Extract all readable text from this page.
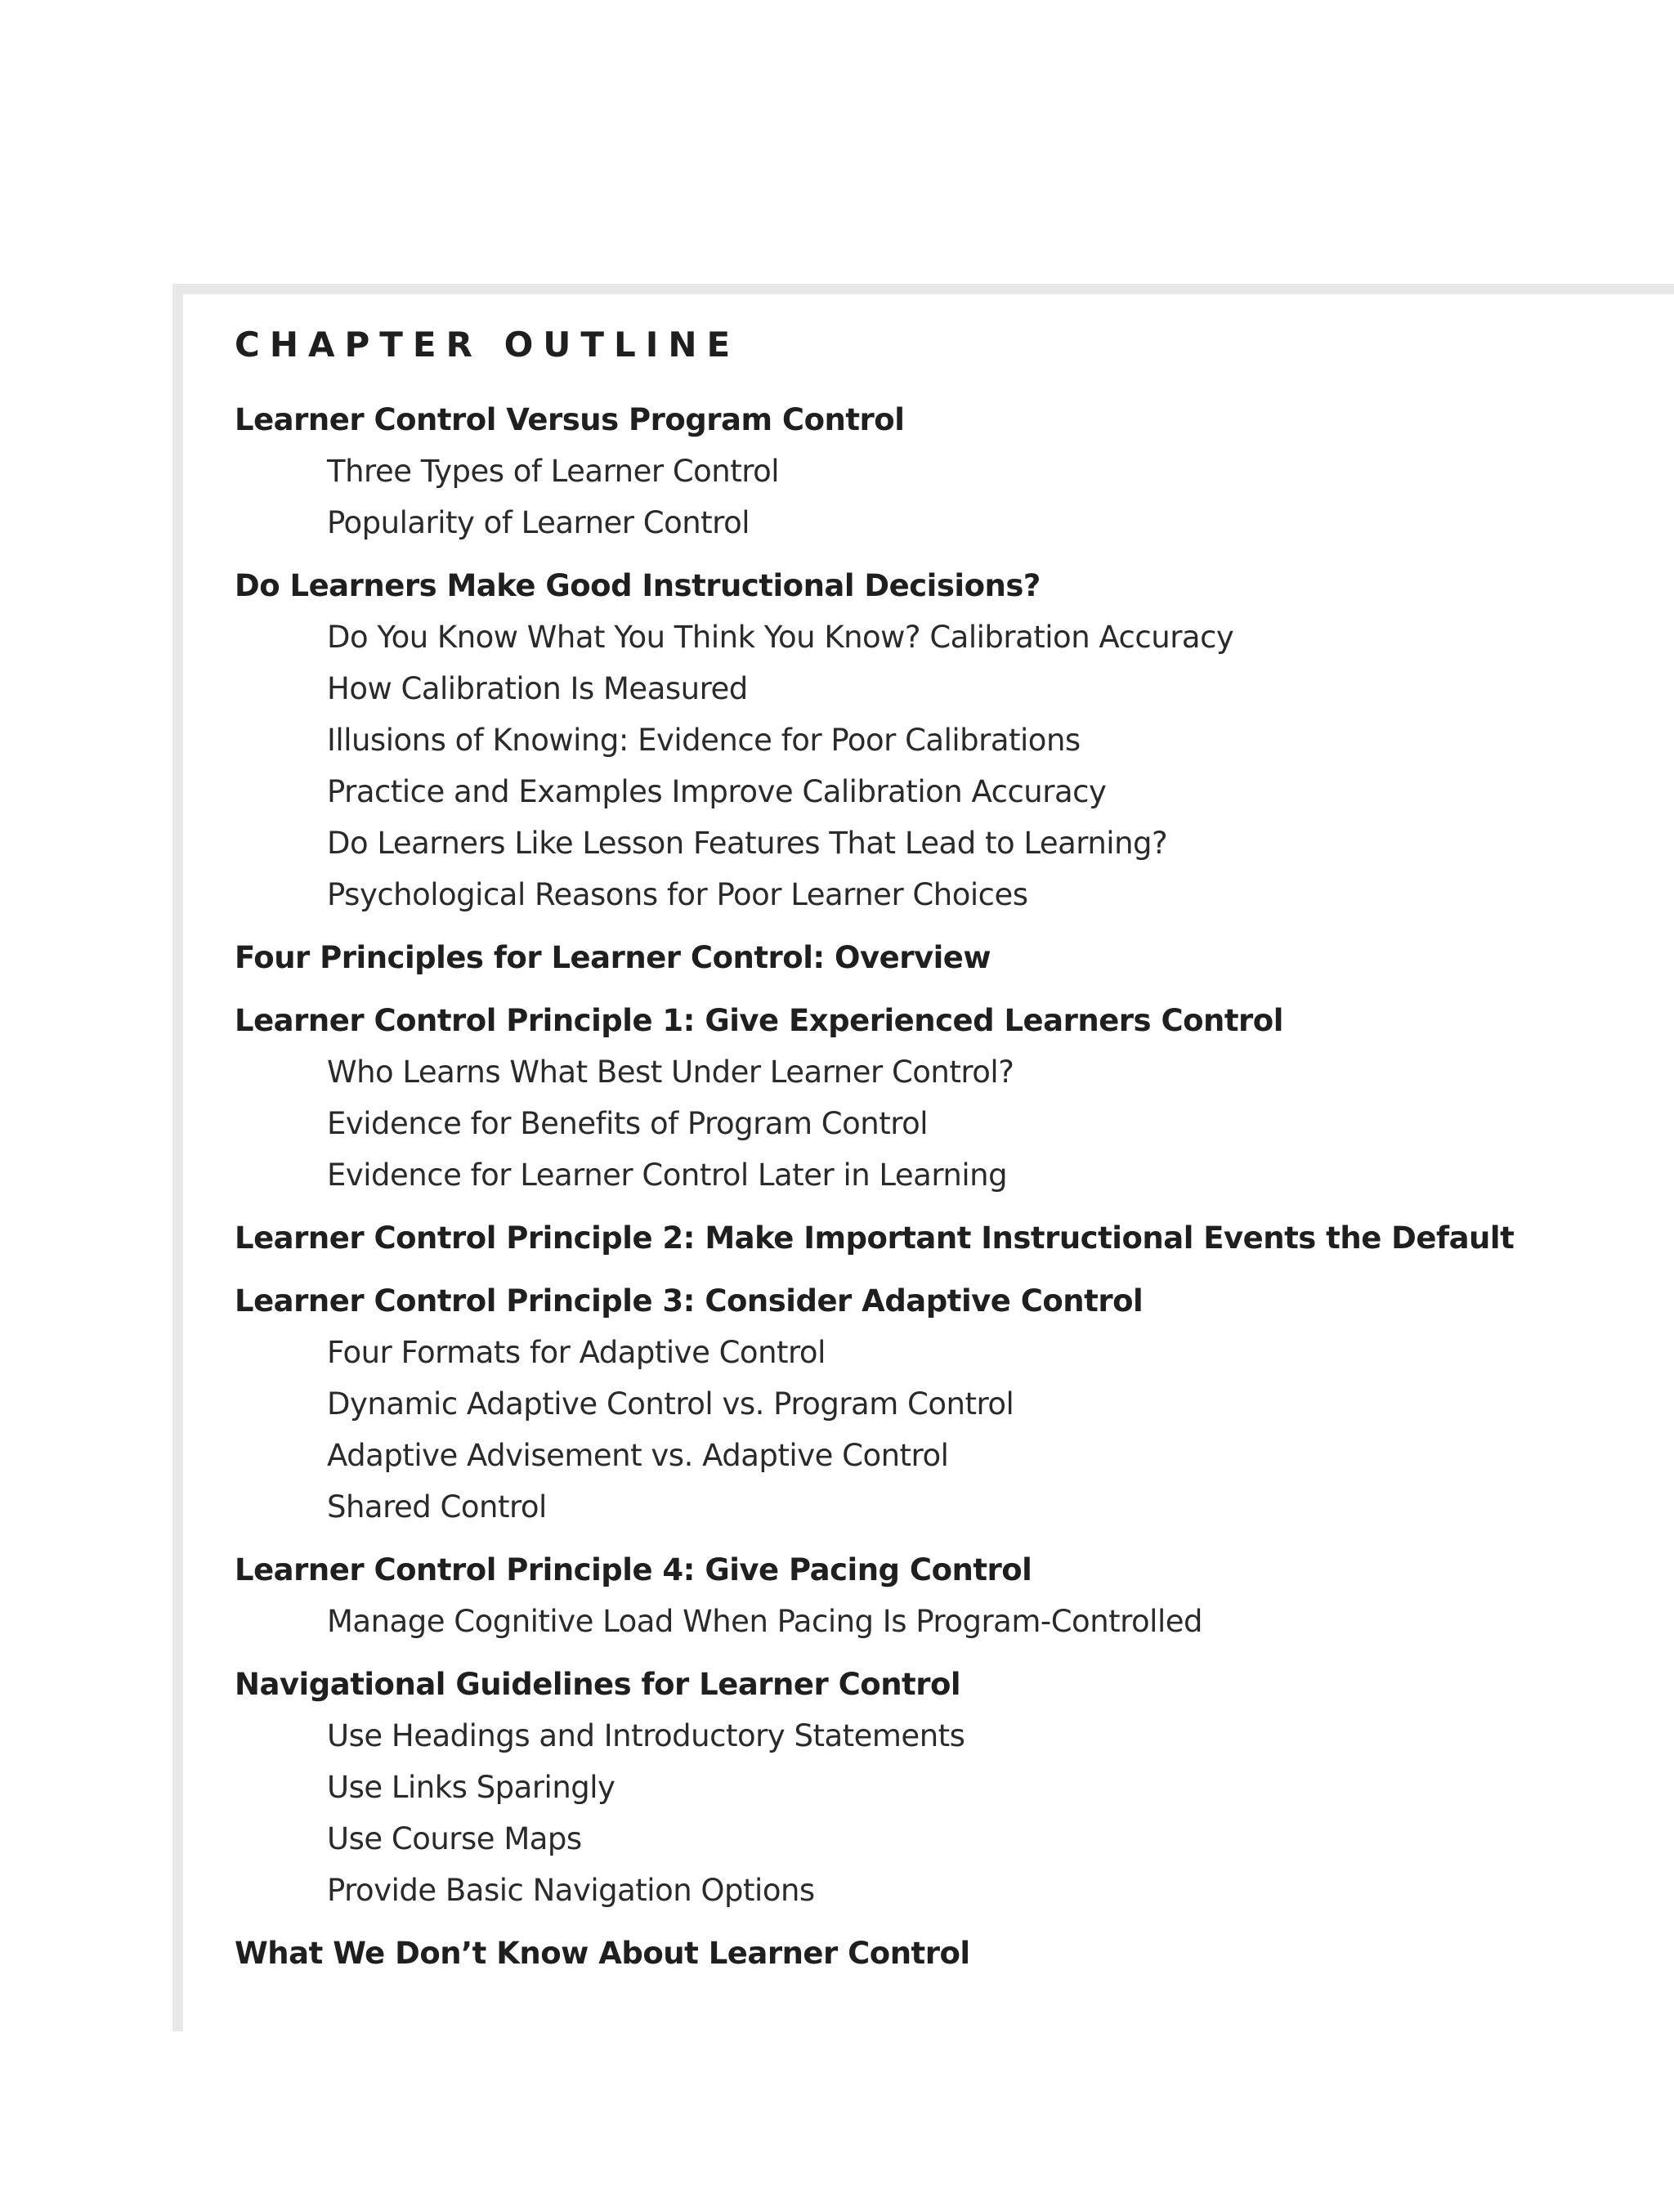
CHAPTER OUTLINE
Learner Control Versus Program Control
Three Types of Learner Control
Popularity of Learner Control
Do Learners Make Good Instructional Decisions?
Do You Know What You Think You Know? Calibration Accuracy
How Calibration Is Measured
Illusions of Knowing: Evidence for Poor Calibrations
Practice and Examples Improve Calibration Accuracy
Do Learners Like Lesson Features That Lead to Learning?
Psychological Reasons for Poor Learner Choices
Four Principles for Learner Control: Overview
Learner Control Principle 1: Give Experienced Learners Control
Who Learns What Best Under Learner Control?
Evidence for Benefits of Program Control
Evidence for Learner Control Later in Learning
Learner Control Principle 2: Make Important Instructional Events the Default
Learner Control Principle 3: Consider Adaptive Control
Four Formats for Adaptive Control
Dynamic Adaptive Control vs. Program Control
Adaptive Advisement vs. Adaptive Control
Shared Control
Learner Control Principle 4: Give Pacing Control
Manage Cognitive Load When Pacing Is Program-Controlled
Navigational Guidelines for Learner Control
Use Headings and Introductory Statements
Use Links Sparingly
Use Course Maps
Provide Basic Navigation Options
What We Don’t Know About Learner Control
